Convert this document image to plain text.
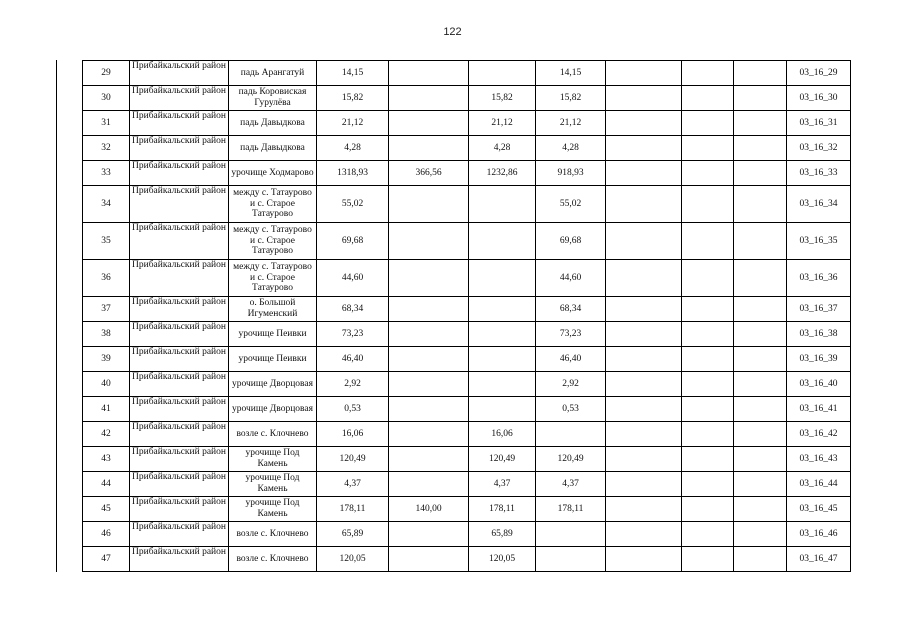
122
29	Прибайкальский район	падь Арангатуй	14,15			14,15				03_16_29
30	Прибайкальский район	падь Коровиская Гурулёва	15,82		15,82	15,82				03_16_30
31	Прибайкальский район	падь Давыдкова	21,12		21,12	21,12				03_16_31
32	Прибайкальский район	падь Давыдкова	4,28		4,28	4,28				03_16_32
33	Прибайкальский район	урочище Ходмарово	1318,93	366,56	1232,86	918,93				03_16_33
34	Прибайкальский район	между с. Татаурово и с. Старое Татаурово	55,02			55,02				03_16_34
35	Прибайкальский район	между с. Татаурово и с. Старое Татаурово	69,68			69,68				03_16_35
36	Прибайкальский район	между с. Татаурово и с. Старое Татаурово	44,60			44,60				03_16_36
37	Прибайкальский район	о. Большой Игуменский	68,34			68,34				03_16_37
38	Прибайкальский район	урочище Пеивки	73,23			73,23				03_16_38
39	Прибайкальский район	урочище Пеивки	46,40			46,40				03_16_39
40	Прибайкальский район	урочище Дворцовая	2,92			2,92				03_16_40
41	Прибайкальский район	урочище Дворцовая	0,53			0,53				03_16_41
42	Прибайкальский район	возле с. Клочнево	16,06		16,06					03_16_42
43	Прибайкальский район	урочище Под Камень	120,49		120,49	120,49				03_16_43
44	Прибайкальский район	урочище Под Камень	4,37		4,37	4,37				03_16_44
45	Прибайкальский район	урочище Под Камень	178,11	140,00	178,11	178,11				03_16_45
46	Прибайкальский район	возле с. Клочнево	65,89		65,89					03_16_46
47	Прибайкальский район	возле с. Клочнево	120,05		120,05					03_16_47
